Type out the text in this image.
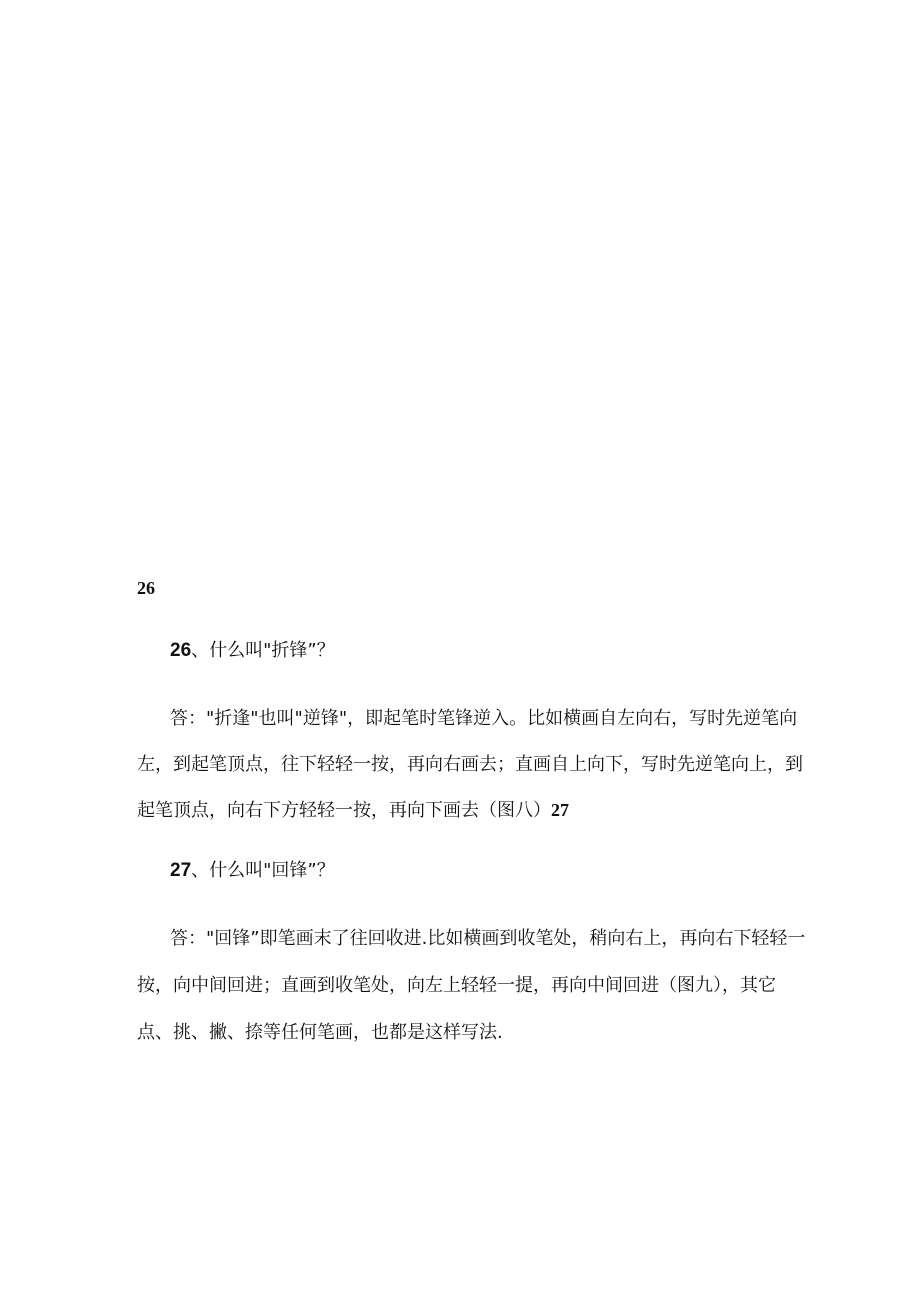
26
26、什么叫"折锋”？
答："折逢"也叫"逆锋"，即起笔时笔锋逆入。比如横画自左向右，写时先逆笔向
左，到起笔顶点，往下轻轻一按，再向右画去；直画自上向下，写时先逆笔向上，到
起笔顶点，向右下方轻轻一按，再向下画去（图八）27
27、什么叫"回锋”？
答："回锋”即笔画末了往回收进.比如横画到收笔处，稍向右上，再向右下轻轻一
按，向中间回进；直画到收笔处，向左上轻轻一提，再向中间回进（图九），其它
点、挑、撇、捺等任何笔画，也都是这样写法.
